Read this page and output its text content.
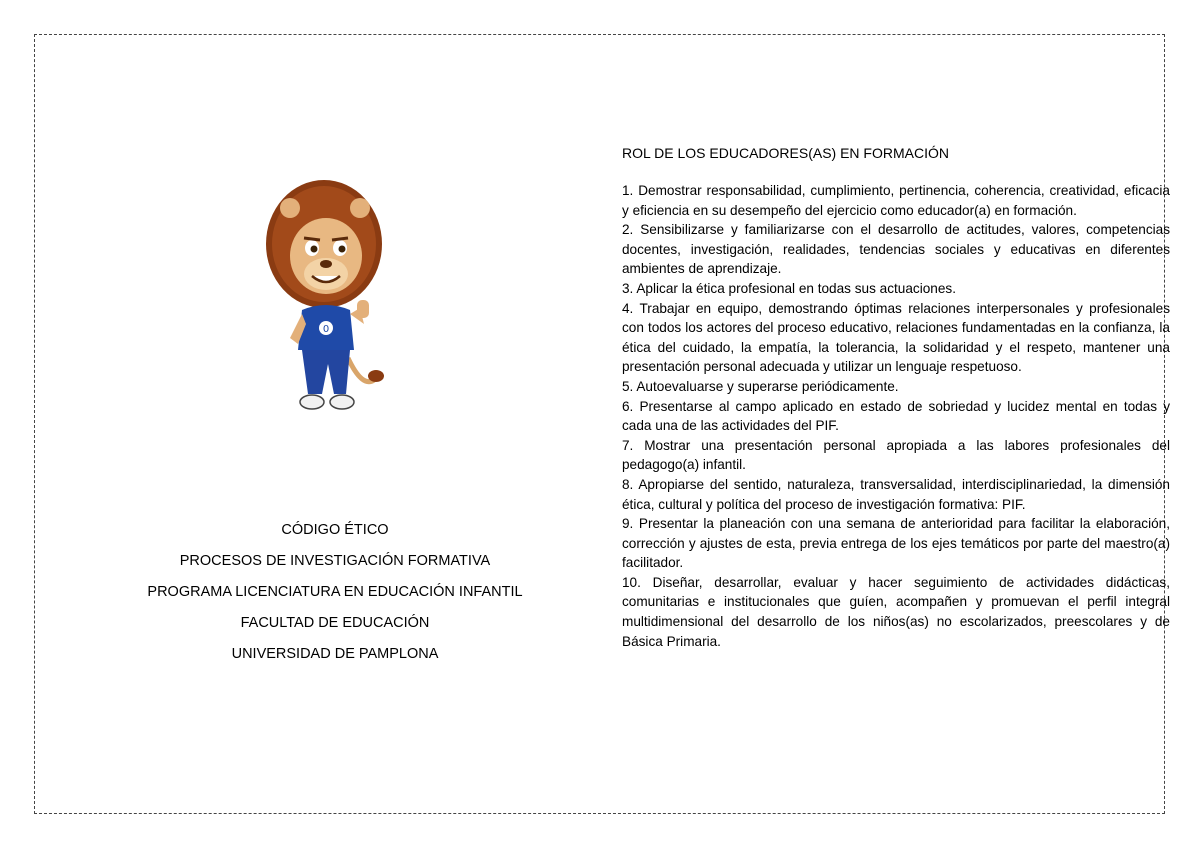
0
CÓDIGO ÉTICO
PROCESOS DE INVESTIGACIÓN FORMATIVA
PROGRAMA LICENCIATURA EN EDUCACIÓN INFANTIL
FACULTAD DE EDUCACIÓN
UNIVERSIDAD DE PAMPLONA
ROL DE LOS EDUCADORES(AS) EN FORMACIÓN
1. Demostrar responsabilidad, cumplimiento, pertinencia, coherencia, creatividad, eficacia y eficiencia en su desempeño del ejercicio como educador(a) en formación.
2. Sensibilizarse y familiarizarse con el desarrollo de actitudes, valores, competencias docentes, investigación, realidades, tendencias sociales y educativas en diferentes ambientes de aprendizaje.
3. Aplicar la ética profesional en todas sus actuaciones.
4. Trabajar en equipo, demostrando óptimas relaciones interpersonales y profesionales con todos los actores del proceso educativo, relaciones fundamentadas en la confianza, la ética del cuidado, la empatía, la tolerancia, la solidaridad y el respeto, mantener una presentación personal adecuada y utilizar un lenguaje respetuoso.
5. Autoevaluarse y superarse periódicamente.
6. Presentarse al campo aplicado en estado de sobriedad y lucidez mental en todas y cada una de las actividades del PIF.
7. Mostrar una presentación personal apropiada a las labores profesionales del pedagogo(a) infantil.
8. Apropiarse del sentido, naturaleza, transversalidad, interdisciplinariedad, la dimensión ética, cultural y política del proceso de investigación formativa: PIF.
9. Presentar la planeación con una semana de anterioridad para facilitar la elaboración, corrección y ajustes de esta, previa entrega de los ejes temáticos por parte del maestro(a) facilitador.
10. Diseñar, desarrollar, evaluar y hacer seguimiento de actividades didácticas, comunitarias e institucionales que guíen, acompañen y promuevan el perfil integral multidimensional del desarrollo de los niños(as) no escolarizados, preescolares y de Básica Primaria.
